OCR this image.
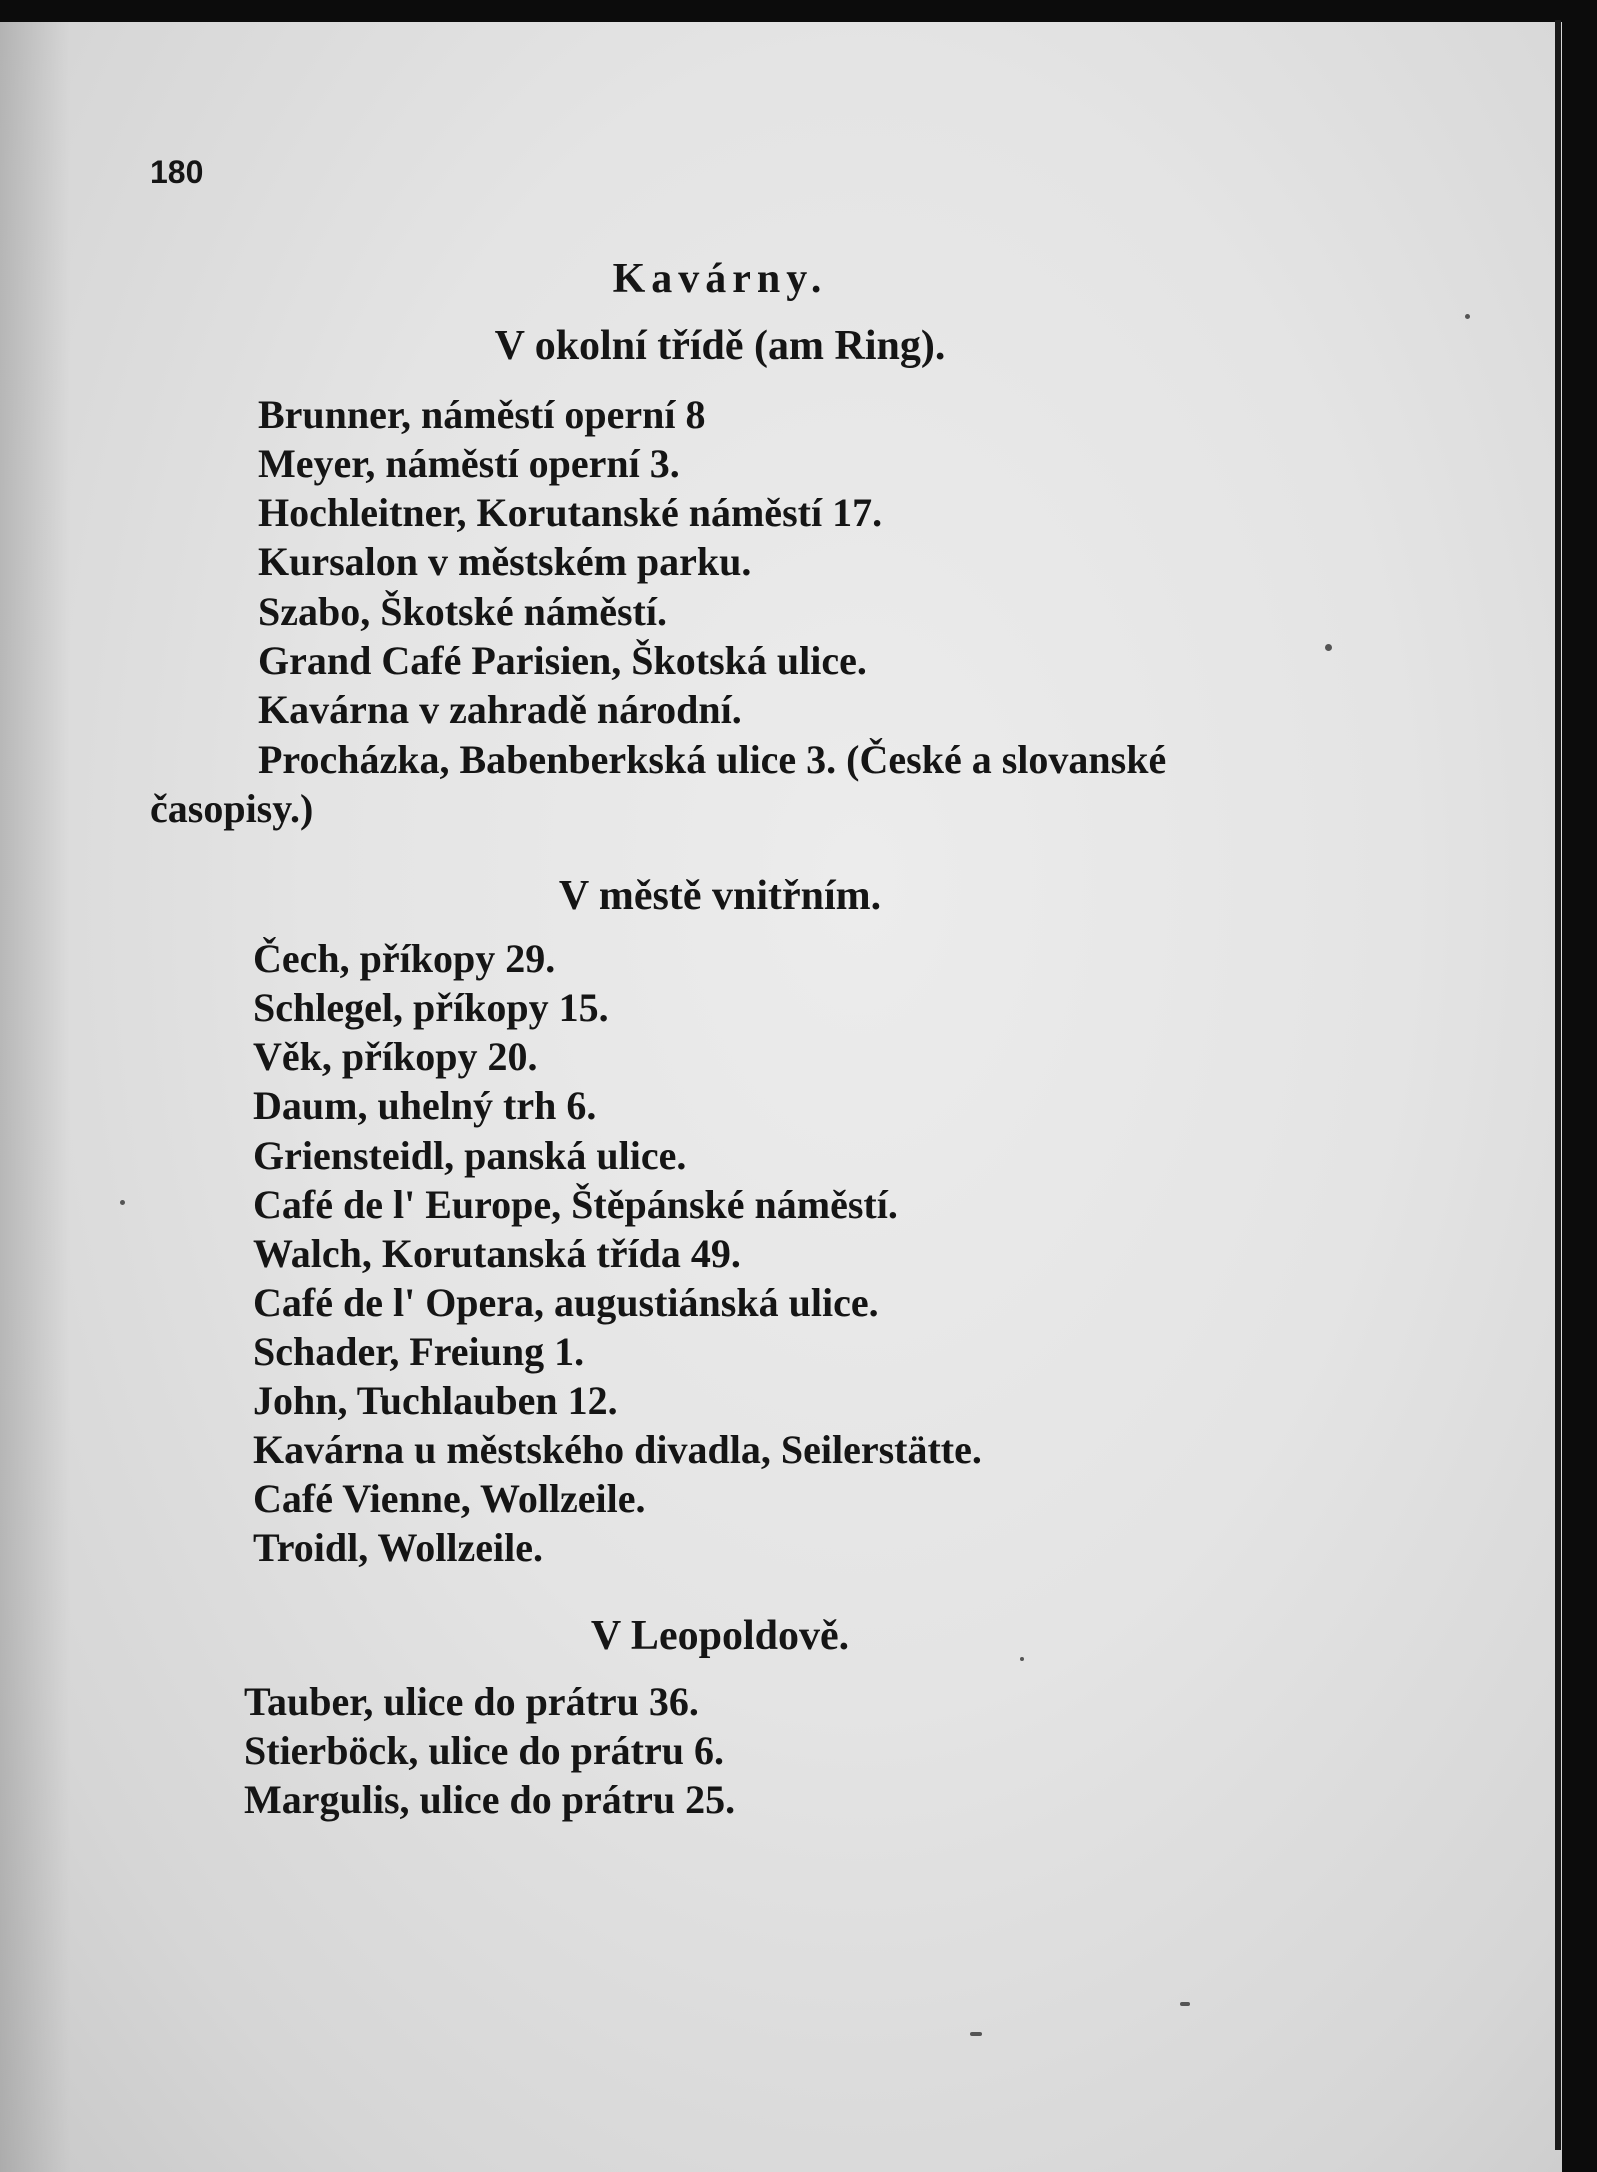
180
Kavárny.
V okolní třídě (am Ring).
Brunner, náměstí operní 8
Meyer, náměstí operní 3.
Hochleitner, Korutanské náměstí 17.
Kursalon v městském parku.
Szabo, Škotské náměstí.
Grand Café Parisien, Škotská ulice.
Kavárna v zahradě národní.
Procházka, Babenberkská ulice 3. (České a slovanské
časopisy.)
V městě vnitřním.
Čech, příkopy 29.
Schlegel, příkopy 15.
Věk, příkopy 20.
Daum, uhelný trh 6.
Griensteidl, panská ulice.
Café de l' Europe, Štěpánské náměstí.
Walch, Korutanská třída 49.
Café de l' Opera, augustiánská ulice.
Schader, Freiung 1.
John, Tuchlauben 12.
Kavárna u městského divadla, Seilerstätte.
Café Vienne, Wollzeile.
Troidl, Wollzeile.
V Leopoldově.
Tauber, ulice do prátru 36.
Stierböck, ulice do prátru 6.
Margulis, ulice do prátru 25.
